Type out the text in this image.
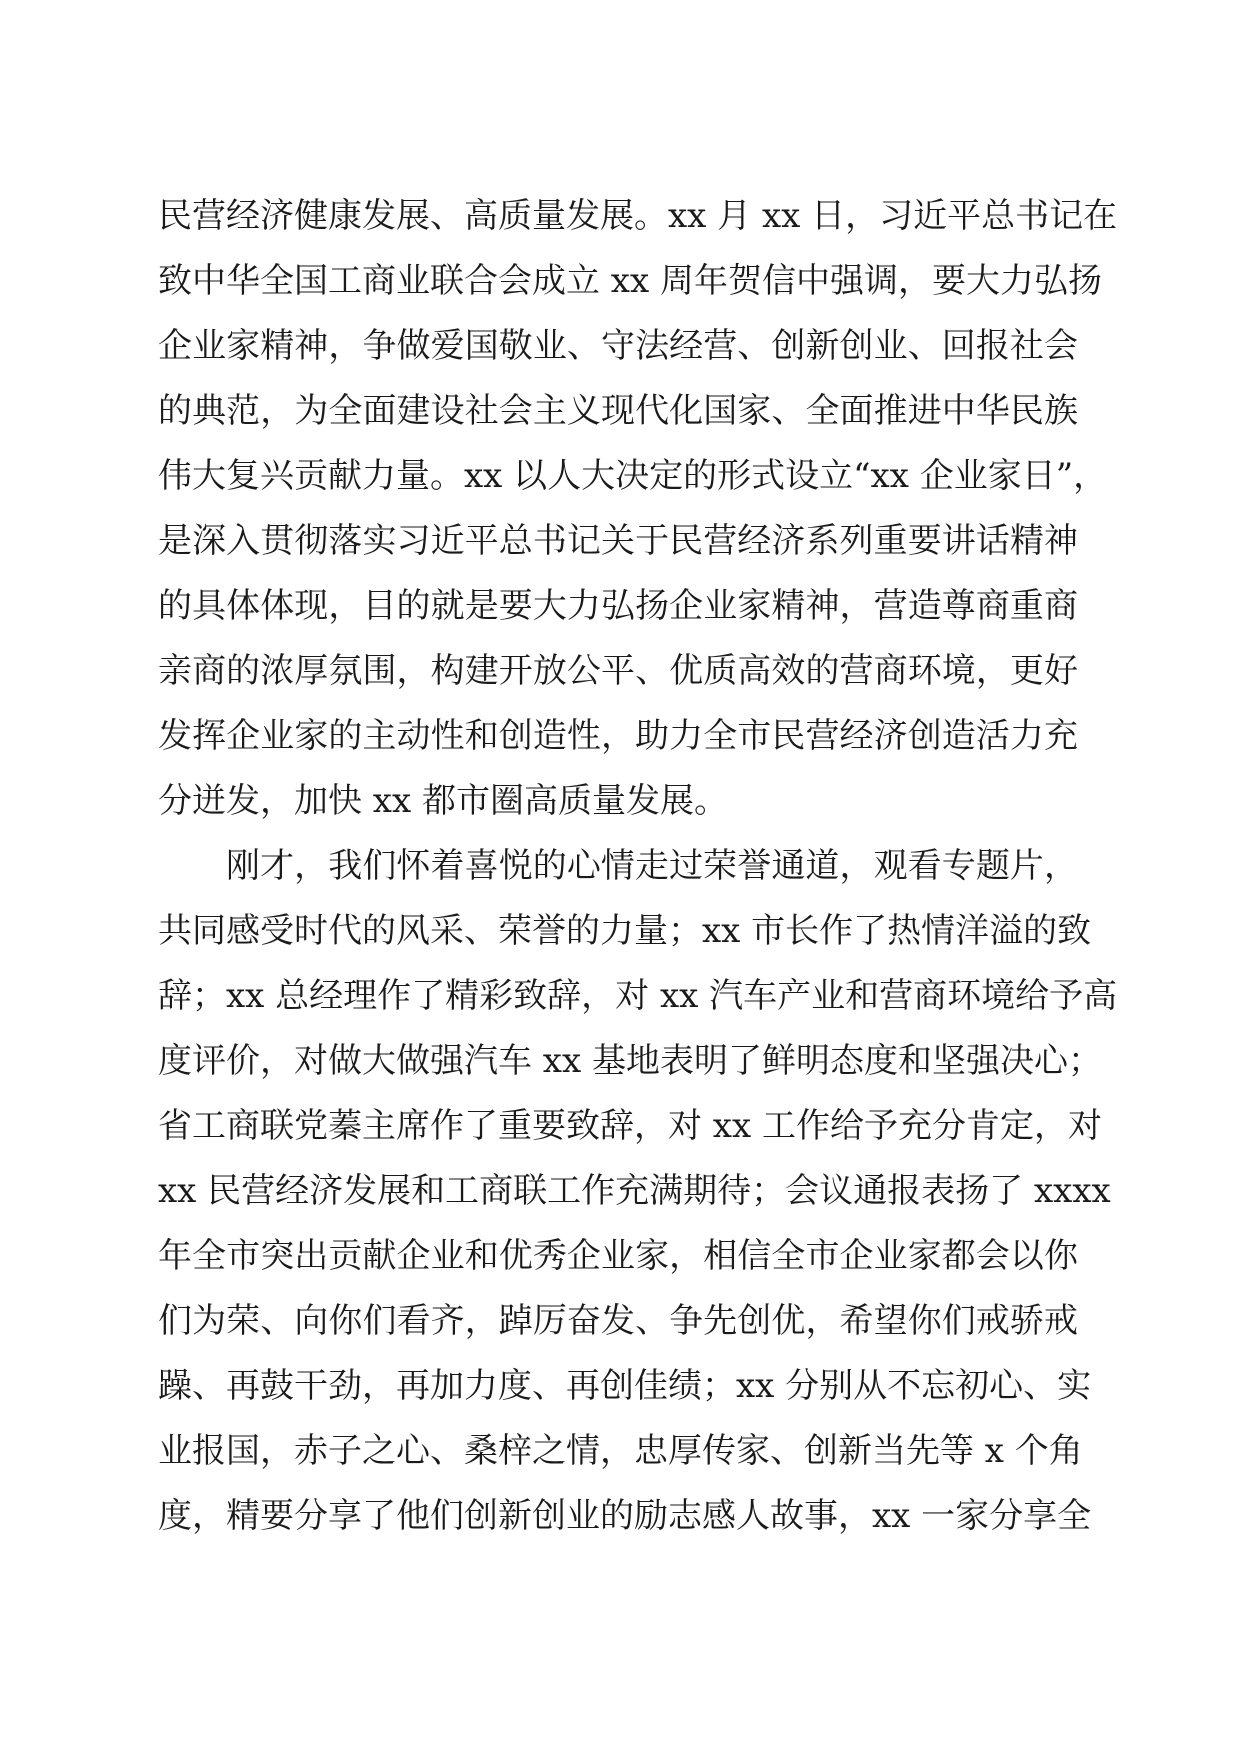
民营经济健康发展、高质量发展。xx 月 xx 日，习近平总书记在
致中华全国工商业联合会成立 xx 周年贺信中强调，要大力弘扬
企业家精神，争做爱国敬业、守法经营、创新创业、回报社会
的典范，为全面建设社会主义现代化国家、全面推进中华民族
伟大复兴贡献力量。xx 以人大决定的形式设立“xx 企业家日”，
是深入贯彻落实习近平总书记关于民营经济系列重要讲话精神
的具体体现，目的就是要大力弘扬企业家精神，营造尊商重商
亲商的浓厚氛围，构建开放公平、优质高效的营商环境，更好
发挥企业家的主动性和创造性，助力全市民营经济创造活力充
分迸发，加快 xx 都市圈高质量发展。
刚才，我们怀着喜悦的心情走过荣誉通道，观看专题片，
共同感受时代的风采、荣誉的力量；xx 市长作了热情洋溢的致
辞；xx 总经理作了精彩致辞，对 xx 汽车产业和营商环境给予高
度评价，对做大做强汽车 xx 基地表明了鲜明态度和坚强决心；
省工商联党蓁主席作了重要致辞，对 xx 工作给予充分肯定，对
xx 民营经济发展和工商联工作充满期待；会议通报表扬了 xxxx
年全市突出贡献企业和优秀企业家，相信全市企业家都会以你
们为荣、向你们看齐，踔厉奋发、争先创优，希望你们戒骄戒
躁、再鼓干劲，再加力度、再创佳绩；xx 分别从不忘初心、实
业报国，赤子之心、桑梓之情，忠厚传家、创新当先等 x 个角
度，精要分享了他们创新创业的励志感人故事，xx 一家分享全
